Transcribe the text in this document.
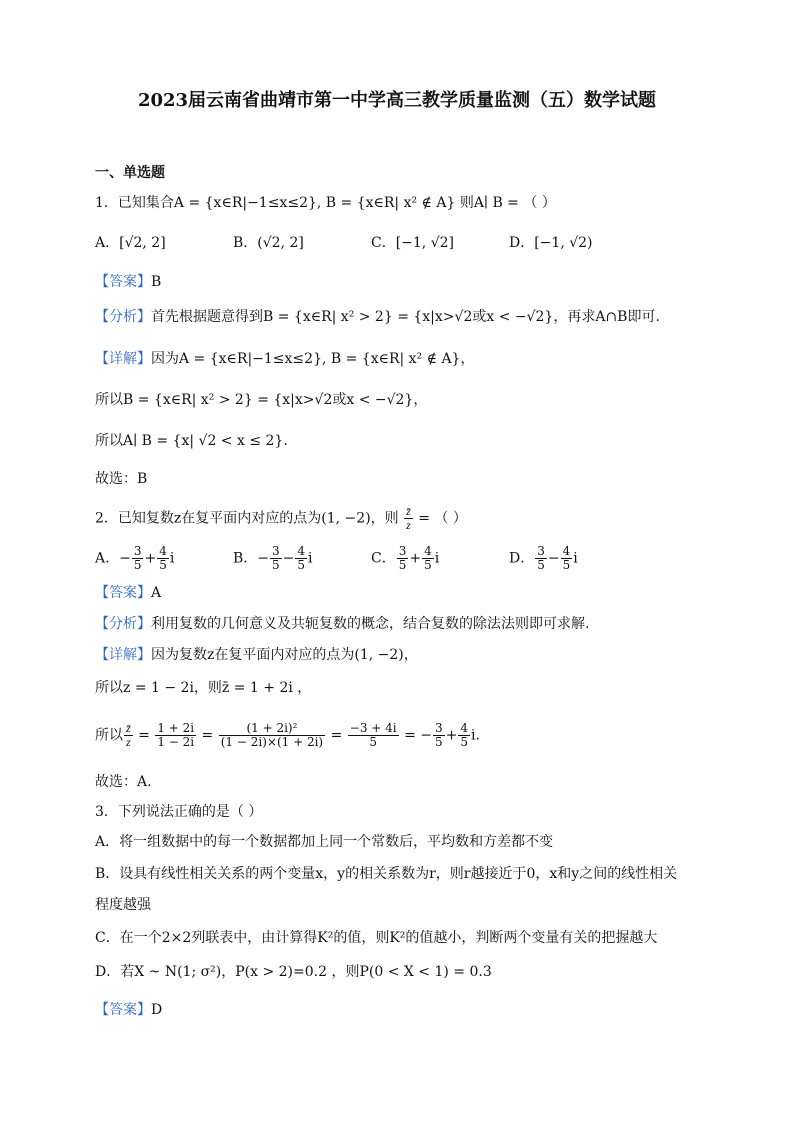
2023届云南省曲靖市第一中学高三教学质量监测（五）数学试题
一、单选题
1．已知集合A = {x∈R|−1≤x≤2}, B = {x∈R| x² ∉ A} 则A∣ B = （ ）
A．[√2, 2]	B．(√2, 2]	C．[−1, √2]	D．[−1, √2)
【答案】B
【分析】首先根据题意得到B = {x∈R| x² > 2} = {x|x>√2或x < −√2}，再求A∩B即可.
【详解】因为A = {x∈R|−1≤x≤2}, B = {x∈R| x² ∉ A}，
所以B = {x∈R| x² > 2} = {x|x>√2或x < −√2}，
所以A∣ B = {x| √2 < x ≤ 2}.
故选：B
2．已知复数z在复平面内对应的点为(1, −2)，则 $\frac{z̄}{z}$ = （ ）
A．− $\frac{3}{5} + \frac{4}{5}$ i	B．− $\frac{3}{5} - \frac{4}{5}$ i	C． $\frac{3}{5} + \frac{4}{5}$ i	D． $\frac{3}{5} - \frac{4}{5}$ i
【答案】A
【分析】利用复数的几何意义及共轭复数的概念，结合复数的除法法则即可求解.
【详解】因为复数z在复平面内对应的点为(1, −2)，
所以z = 1 − 2i，则z̄ = 1 + 2i ，
所以 $\frac{z̄}{z} = \frac{1 + 2i}{1 - 2i} = \frac{\text{(1 + 2i)²}}{(1 - 2i)\times(1 + 2i)} = \frac{-3 + 4i}{5}$ = − $\frac{3}{5} + \frac{4}{5} i$.
故选：A.
3．下列说法正确的是（ ）
A．将一组数据中的每一个数据都加上同一个常数后，平均数和方差都不变
B．设具有线性相关关系的两个变量x，y的相关系数为r，则r越接近于0，x和y之间的线性相关
程度越强
C．在一个2×2列联表中，由计算得K²的值，则K²的值越小，判断两个变量有关的把握越大
D．若X ~ N(1; σ²)，P(x > 2)=0.2 ，则P(0 < X < 1) = 0.3
【答案】D
